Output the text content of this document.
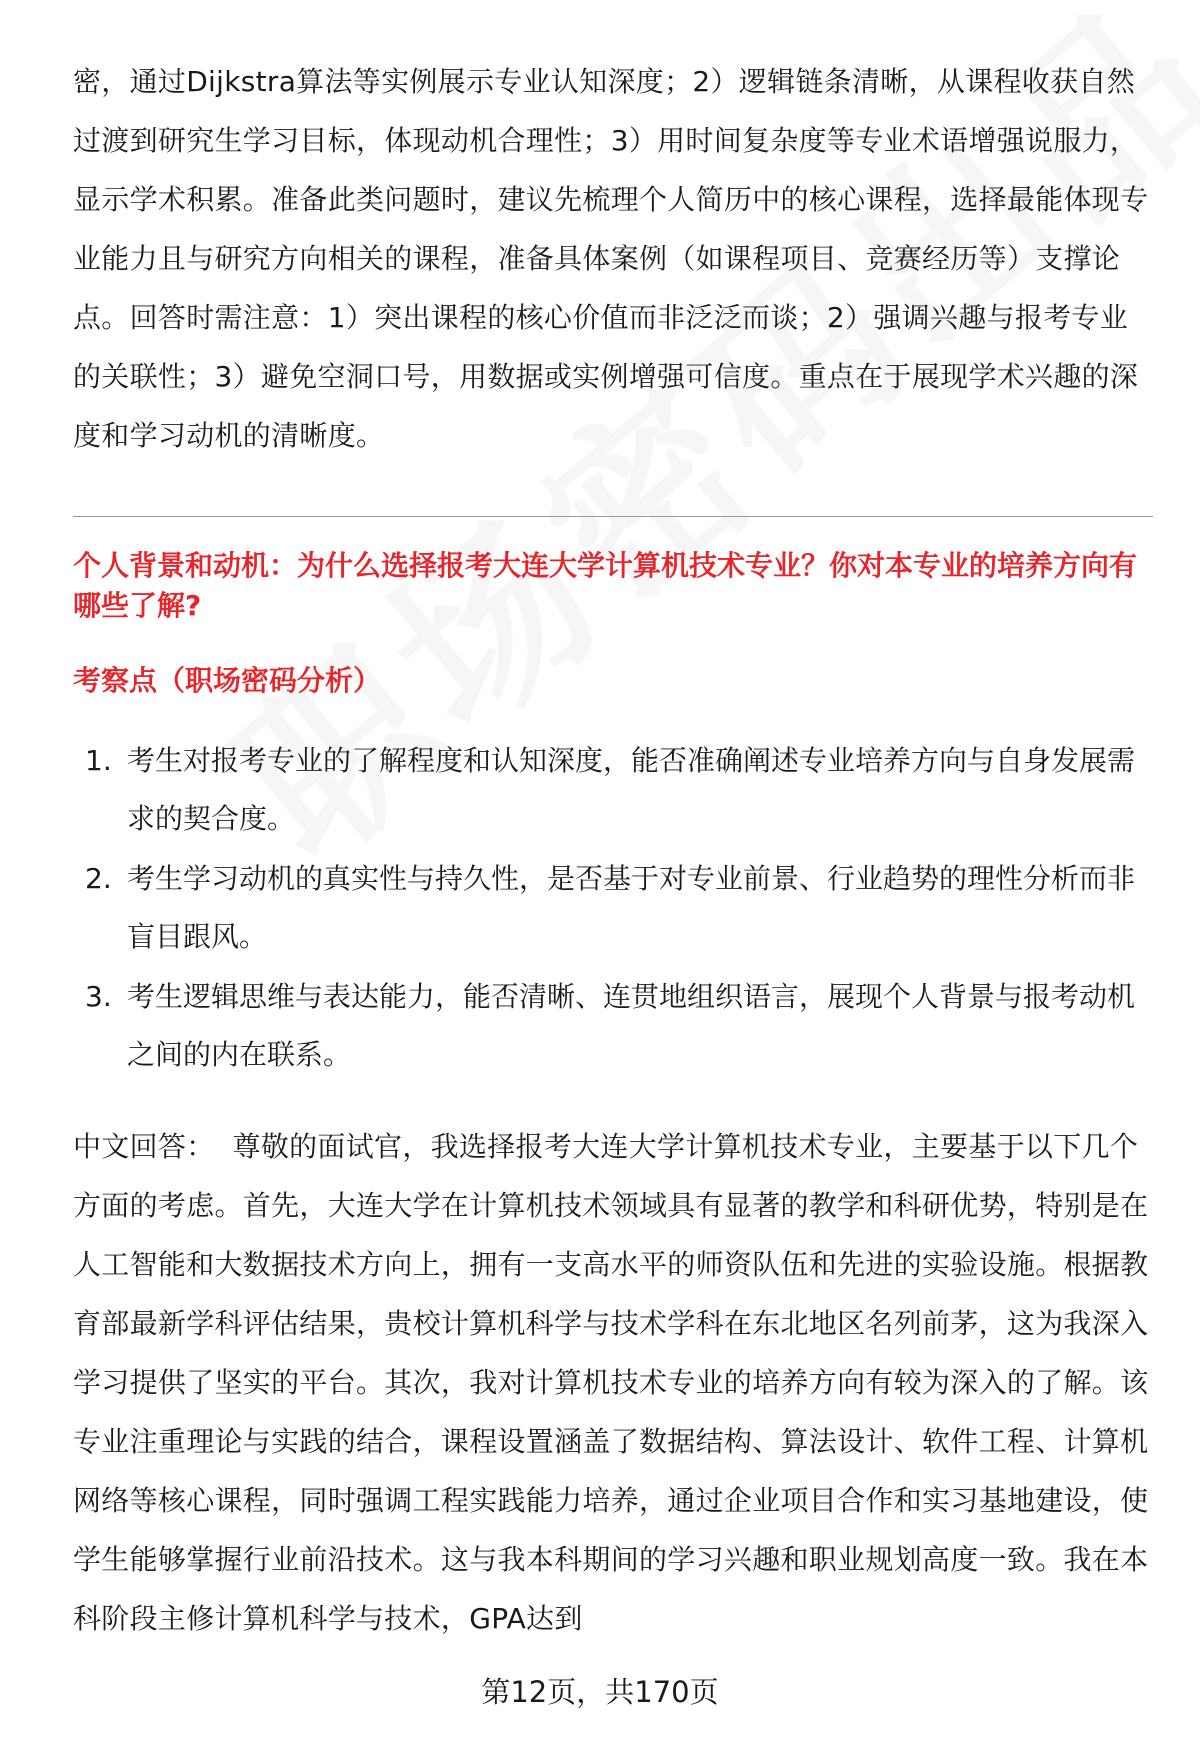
密，通过Dijkstra算法等实例展示专业认知深度；2）逻辑链条清晰，从课程收获自然过渡到研究生学习目标，体现动机合理性；3）用时间复杂度等专业术语增强说服力，显示学术积累。准备此类问题时，建议先梳理个人简历中的核心课程，选择最能体现专业能力且与研究方向相关的课程，准备具体案例（如课程项目、竞赛经历等）支撑论点。回答时需注意：1）突出课程的核心价值而非泛泛而谈；2）强调兴趣与报考专业的关联性；3）避免空洞口号，用数据或实例增强可信度。重点在于展现学术兴趣的深度和学习动机的清晰度。

个人背景和动机：为什么选择报考大连大学计算机技术专业？你对本专业的培养方向有哪些了解?

考察点（职场密码分析）

1. 考生对报考专业的了解程度和认知深度，能否准确阐述专业培养方向与自身发展需求的契合度。
2. 考生学习动机的真实性与持久性，是否基于对专业前景、行业趋势的理性分析而非盲目跟风。
3. 考生逻辑思维与表达能力，能否清晰、连贯地组织语言，展现个人背景与报考动机之间的内在联系。

中文回答： 尊敬的面试官，我选择报考大连大学计算机技术专业，主要基于以下几个方面的考虑。首先，大连大学在计算机技术领域具有显著的教学和科研优势，特别是在人工智能和大数据技术方向上，拥有一支高水平的师资队伍和先进的实验设施。根据教育部最新学科评估结果，贵校计算机科学与技术学科在东北地区名列前茅，这为我深入学习提供了坚实的平台。其次，我对计算机技术专业的培养方向有较为深入的了解。该专业注重理论与实践的结合，课程设置涵盖了数据结构、算法设计、软件工程、计算机网络等核心课程，同时强调工程实践能力培养，通过企业项目合作和实习基地建设，使学生能够掌握行业前沿技术。这与我本科期间的学习兴趣和职业规划高度一致。我在本科阶段主修计算机科学与技术，GPA达到

第12页，共170页
